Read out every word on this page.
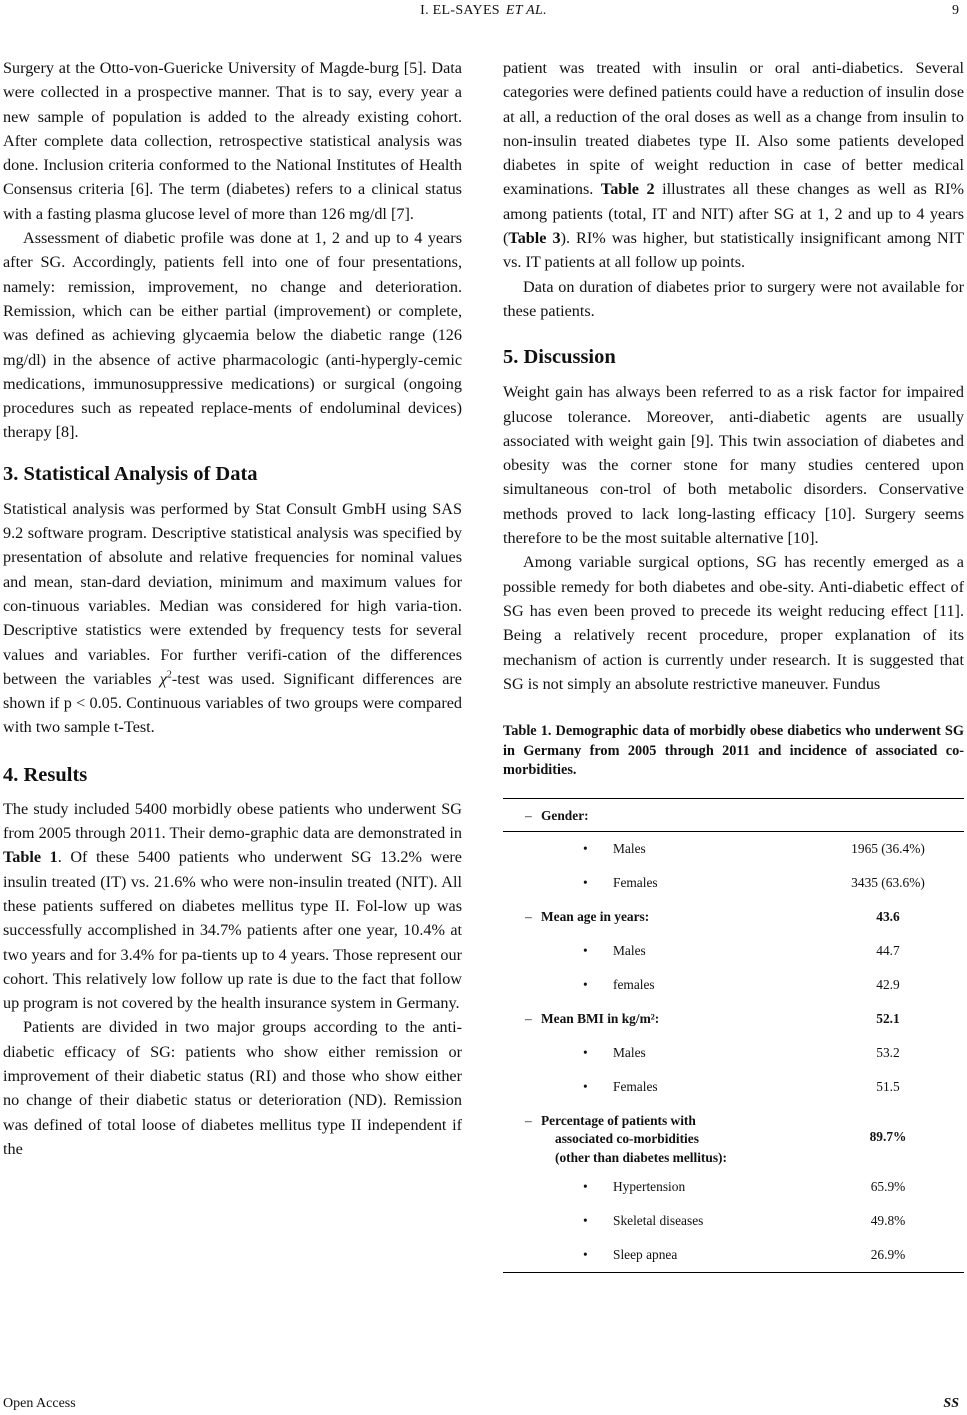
I. EL-SAYES ET AL.	9

Surgery at the Otto-von-Guericke University of Magde-burg [5]. Data were collected in a prospective manner. That is to say, every year a new sample of population is added to the already existing cohort. After complete data collection, retrospective statistical analysis was done. Inclusion criteria conformed to the National Institutes of Health Consensus criteria [6]. The term (diabetes) refers to a clinical status with a fasting plasma glucose level of more than 126 mg/dl [7].

Assessment of diabetic profile was done at 1, 2 and up to 4 years after SG. Accordingly, patients fell into one of four presentations, namely: remission, improvement, no change and deterioration. Remission, which can be either partial (improvement) or complete, was defined as achieving glycaemia below the diabetic range (126 mg/dl) in the absence of active pharmacologic (anti-hypergly-cemic medications, immunosuppressive medications) or surgical (ongoing procedures such as repeated replace-ments of endoluminal devices) therapy [8].

3. Statistical Analysis of Data

Statistical analysis was performed by Stat Consult GmbH using SAS 9.2 software program. Descriptive statistical analysis was specified by presentation of absolute and relative frequencies for nominal values and mean, stan-dard deviation, minimum and maximum values for con-tinuous variables. Median was considered for high varia-tion. Descriptive statistics were extended by frequency tests for several values and variables. For further verifi-cation of the differences between the variables $\chi^2$-test was used. Significant differences are shown if p < 0.05. Continuous variables of two groups were compared with two sample t-Test.

4. Results

The study included 5400 morbidly obese patients who underwent SG from 2005 through 2011. Their demo-graphic data are demonstrated in Table 1. Of these 5400 patients who underwent SG 13.2% were insulin treated (IT) vs. 21.6% who were non-insulin treated (NIT). All these patients suffered on diabetes mellitus type II. Fol-low up was successfully accomplished in 34.7% patients after one year, 10.4% at two years and for 3.4% for pa-tients up to 4 years. Those represent our cohort. This relatively low follow up rate is due to the fact that follow up program is not covered by the health insurance system in Germany.

Patients are divided in two major groups according to the anti-diabetic efficacy of SG: patients who show either remission or improvement of their diabetic status (RI) and those who show either no change of their diabetic status or deterioration (ND). Remission was defined of total loose of diabetes mellitus type II independent if the

patient was treated with insulin or oral anti-diabetics. Several categories were defined patients could have a reduction of insulin dose at all, a reduction of the oral doses as well as a change from insulin to non-insulin treated diabetes type II. Also some patients developed diabetes in spite of weight reduction in case of better medical examinations. Table 2 illustrates all these changes as well as RI% among patients (total, IT and NIT) after SG at 1, 2 and up to 4 years (Table 3). RI% was higher, but statistically insignificant among NIT vs. IT patients at all follow up points.

Data on duration of diabetes prior to surgery were not available for these patients.

5. Discussion

Weight gain has always been referred to as a risk factor for impaired glucose tolerance. Moreover, anti-diabetic agents are usually associated with weight gain [9]. This twin association of diabetes and obesity was the corner stone for many studies centered upon simultaneous con-trol of both metabolic disorders. Conservative methods proved to lack long-lasting efficacy [10]. Surgery seems therefore to be the most suitable alternative [10].

Among variable surgical options, SG has recently emerged as a possible remedy for both diabetes and obe-sity. Anti-diabetic effect of SG has even been proved to precede its weight reducing effect [11]. Being a relatively recent procedure, proper explanation of its mechanism of action is currently under research. It is suggested that SG is not simply an absolute restrictive maneuver. Fundus

Table 1. Demographic data of morbidly obese diabetics who underwent SG in Germany from 2005 through 2011 and incidence of associated co-morbidities.

– Gender:
• Males	1965 (36.4%)
• Females	3435 (63.6%)
– Mean age in years:	43.6
• Males	44.7
• females	42.9
– Mean BMI in kg/m²:	52.1
• Males	53.2
• Females	51.5
– Percentage of patients with
associated co-morbidities
(other than diabetes mellitus):
89.7%
• Hypertension	65.9%
• Skeletal diseases	49.8%
• Sleep apnea	26.9%
Open Access	SS
